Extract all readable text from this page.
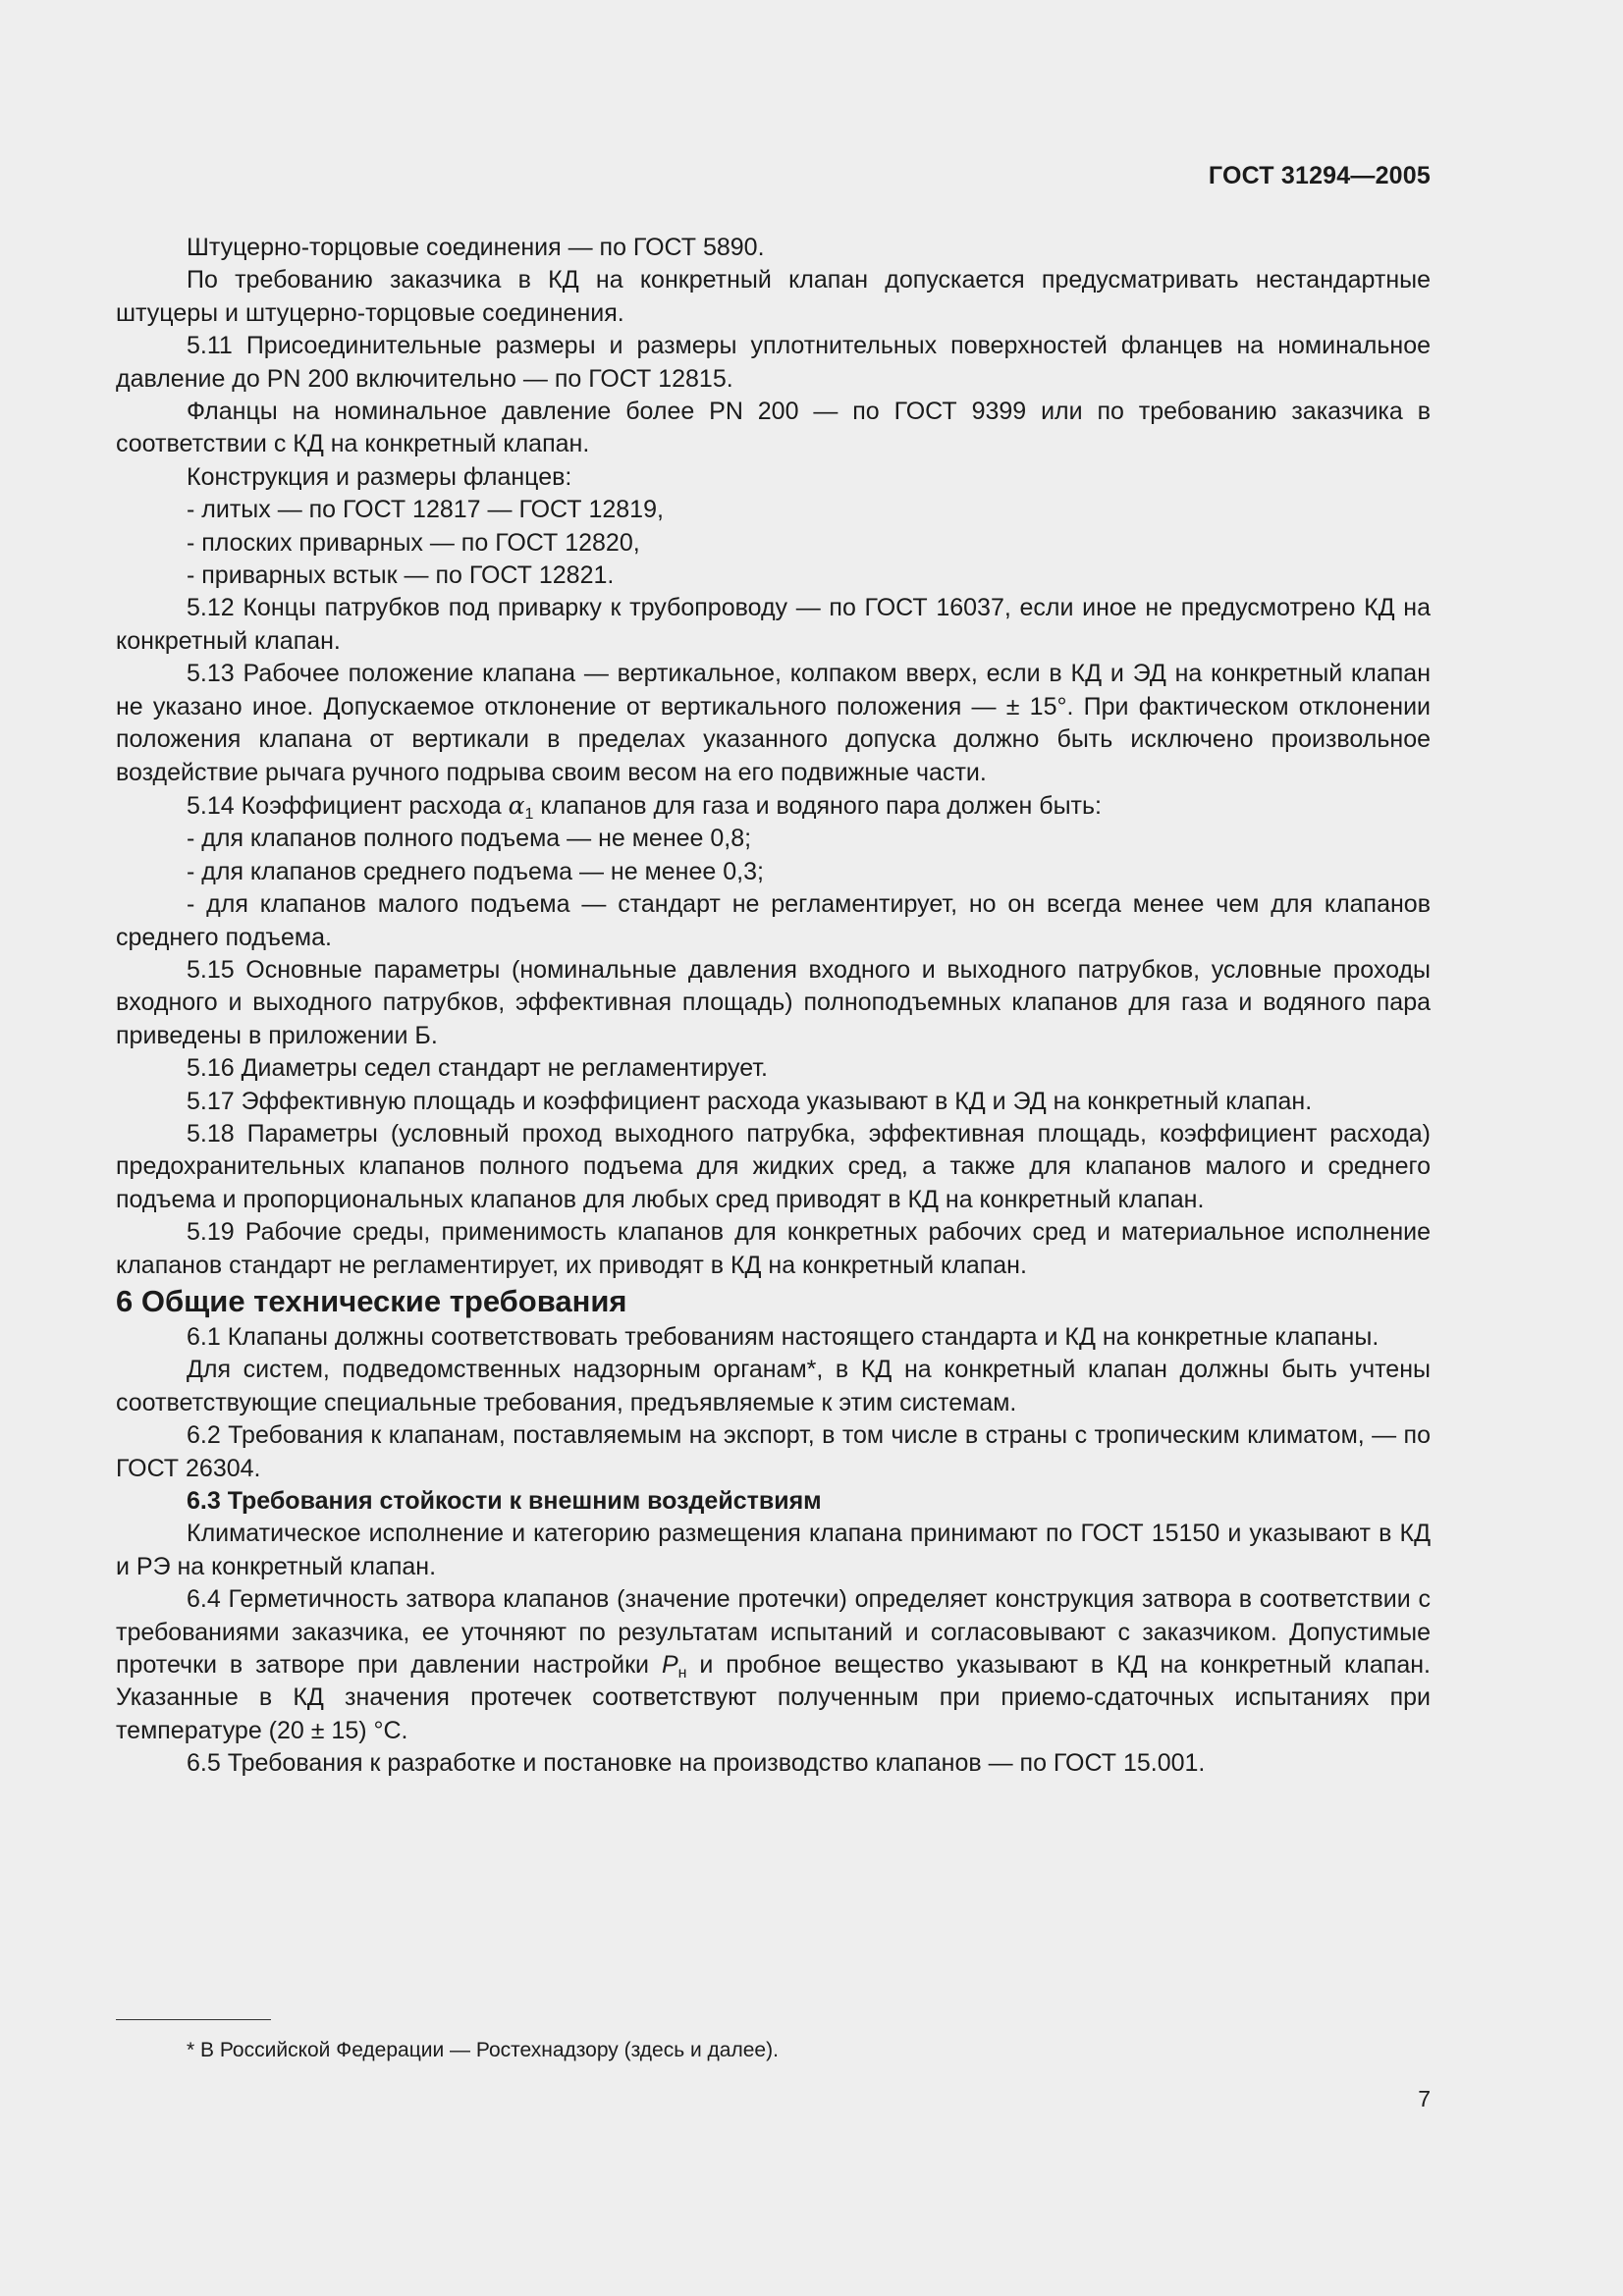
ГОСТ 31294—2005

Штуцерно-торцовые соединения — по ГОСТ 5890.

По требованию заказчика в КД на конкретный клапан допускается предусматривать нестандартные штуцеры и штуцерно-торцовые соединения.

5.11 Присоединительные размеры и размеры уплотнительных поверхностей фланцев на номинальное давление до PN 200 включительно — по ГОСТ 12815.

Фланцы на номинальное давление более PN 200 — по ГОСТ 9399 или по требованию заказчика в соответствии с КД на конкретный клапан.

Конструкция и размеры фланцев:

- литых — по ГОСТ 12817 — ГОСТ 12819,

- плоских приварных — по ГОСТ 12820,

- приварных встык — по ГОСТ 12821.

5.12 Концы патрубков под приварку к трубопроводу — по ГОСТ 16037, если иное не предусмотрено КД на конкретный клапан.

5.13 Рабочее положение клапана — вертикальное, колпаком вверх, если в КД и ЭД на конкретный клапан не указано иное. Допускаемое отклонение от вертикального положения — ± 15°. При фактическом отклонении положения клапана от вертикали в пределах указанного допуска должно быть исключено произвольное воздействие рычага ручного подрыва своим весом на его подвижные части.

5.14 Коэффициент расхода $\alpha_1$ клапанов для газа и водяного пара должен быть:

- для клапанов полного подъема — не менее 0,8;

- для клапанов среднего подъема — не менее 0,3;

- для клапанов малого подъема — стандарт не регламентирует, но он всегда менее чем для клапанов среднего подъема.

5.15 Основные параметры (номинальные давления входного и выходного патрубков, условные проходы входного и выходного патрубков, эффективная площадь) полноподъемных клапанов для газа и водяного пара приведены в приложении Б.

5.16 Диаметры седел стандарт не регламентирует.

5.17 Эффективную площадь и коэффициент расхода указывают в КД и ЭД на конкретный клапан.

5.18 Параметры (условный проход выходного патрубка, эффективная площадь, коэффициент расхода) предохранительных клапанов полного подъема для жидких сред, а также для клапанов малого и среднего подъема и пропорциональных клапанов для любых сред приводят в КД на конкретный клапан.

5.19 Рабочие среды, применимость клапанов для конкретных рабочих сред и материальное исполнение клапанов стандарт не регламентирует, их приводят в КД на конкретный клапан.

6 Общие технические требования

6.1 Клапаны должны соответствовать требованиям настоящего стандарта и КД на конкретные клапаны.

Для систем, подведомственных надзорным органам*, в КД на конкретный клапан должны быть учтены соответствующие специальные требования, предъявляемые к этим системам.

6.2 Требования к клапанам, поставляемым на экспорт, в том числе в страны с тропическим климатом, — по ГОСТ 26304.

6.3 Требования стойкости к внешним воздействиям

Климатическое исполнение и категорию размещения клапана принимают по ГОСТ 15150 и указывают в КД и РЭ на конкретный клапан.

6.4 Герметичность затвора клапанов (значение протечки) определяет конструкция затвора в соответствии с требованиями заказчика, ее уточняют по результатам испытаний и согласовывают с заказчиком. Допустимые протечки в затворе при давлении настройки $P_н$ и пробное вещество указывают в КД на конкретный клапан. Указанные в КД значения протечек соответствуют полученным при приемо-сдаточных испытаниях при температуре (20 ± 15) °С.

6.5 Требования к разработке и постановке на производство клапанов — по ГОСТ 15.001.

* В Российской Федерации — Ростехнадзору (здесь и далее).
7
